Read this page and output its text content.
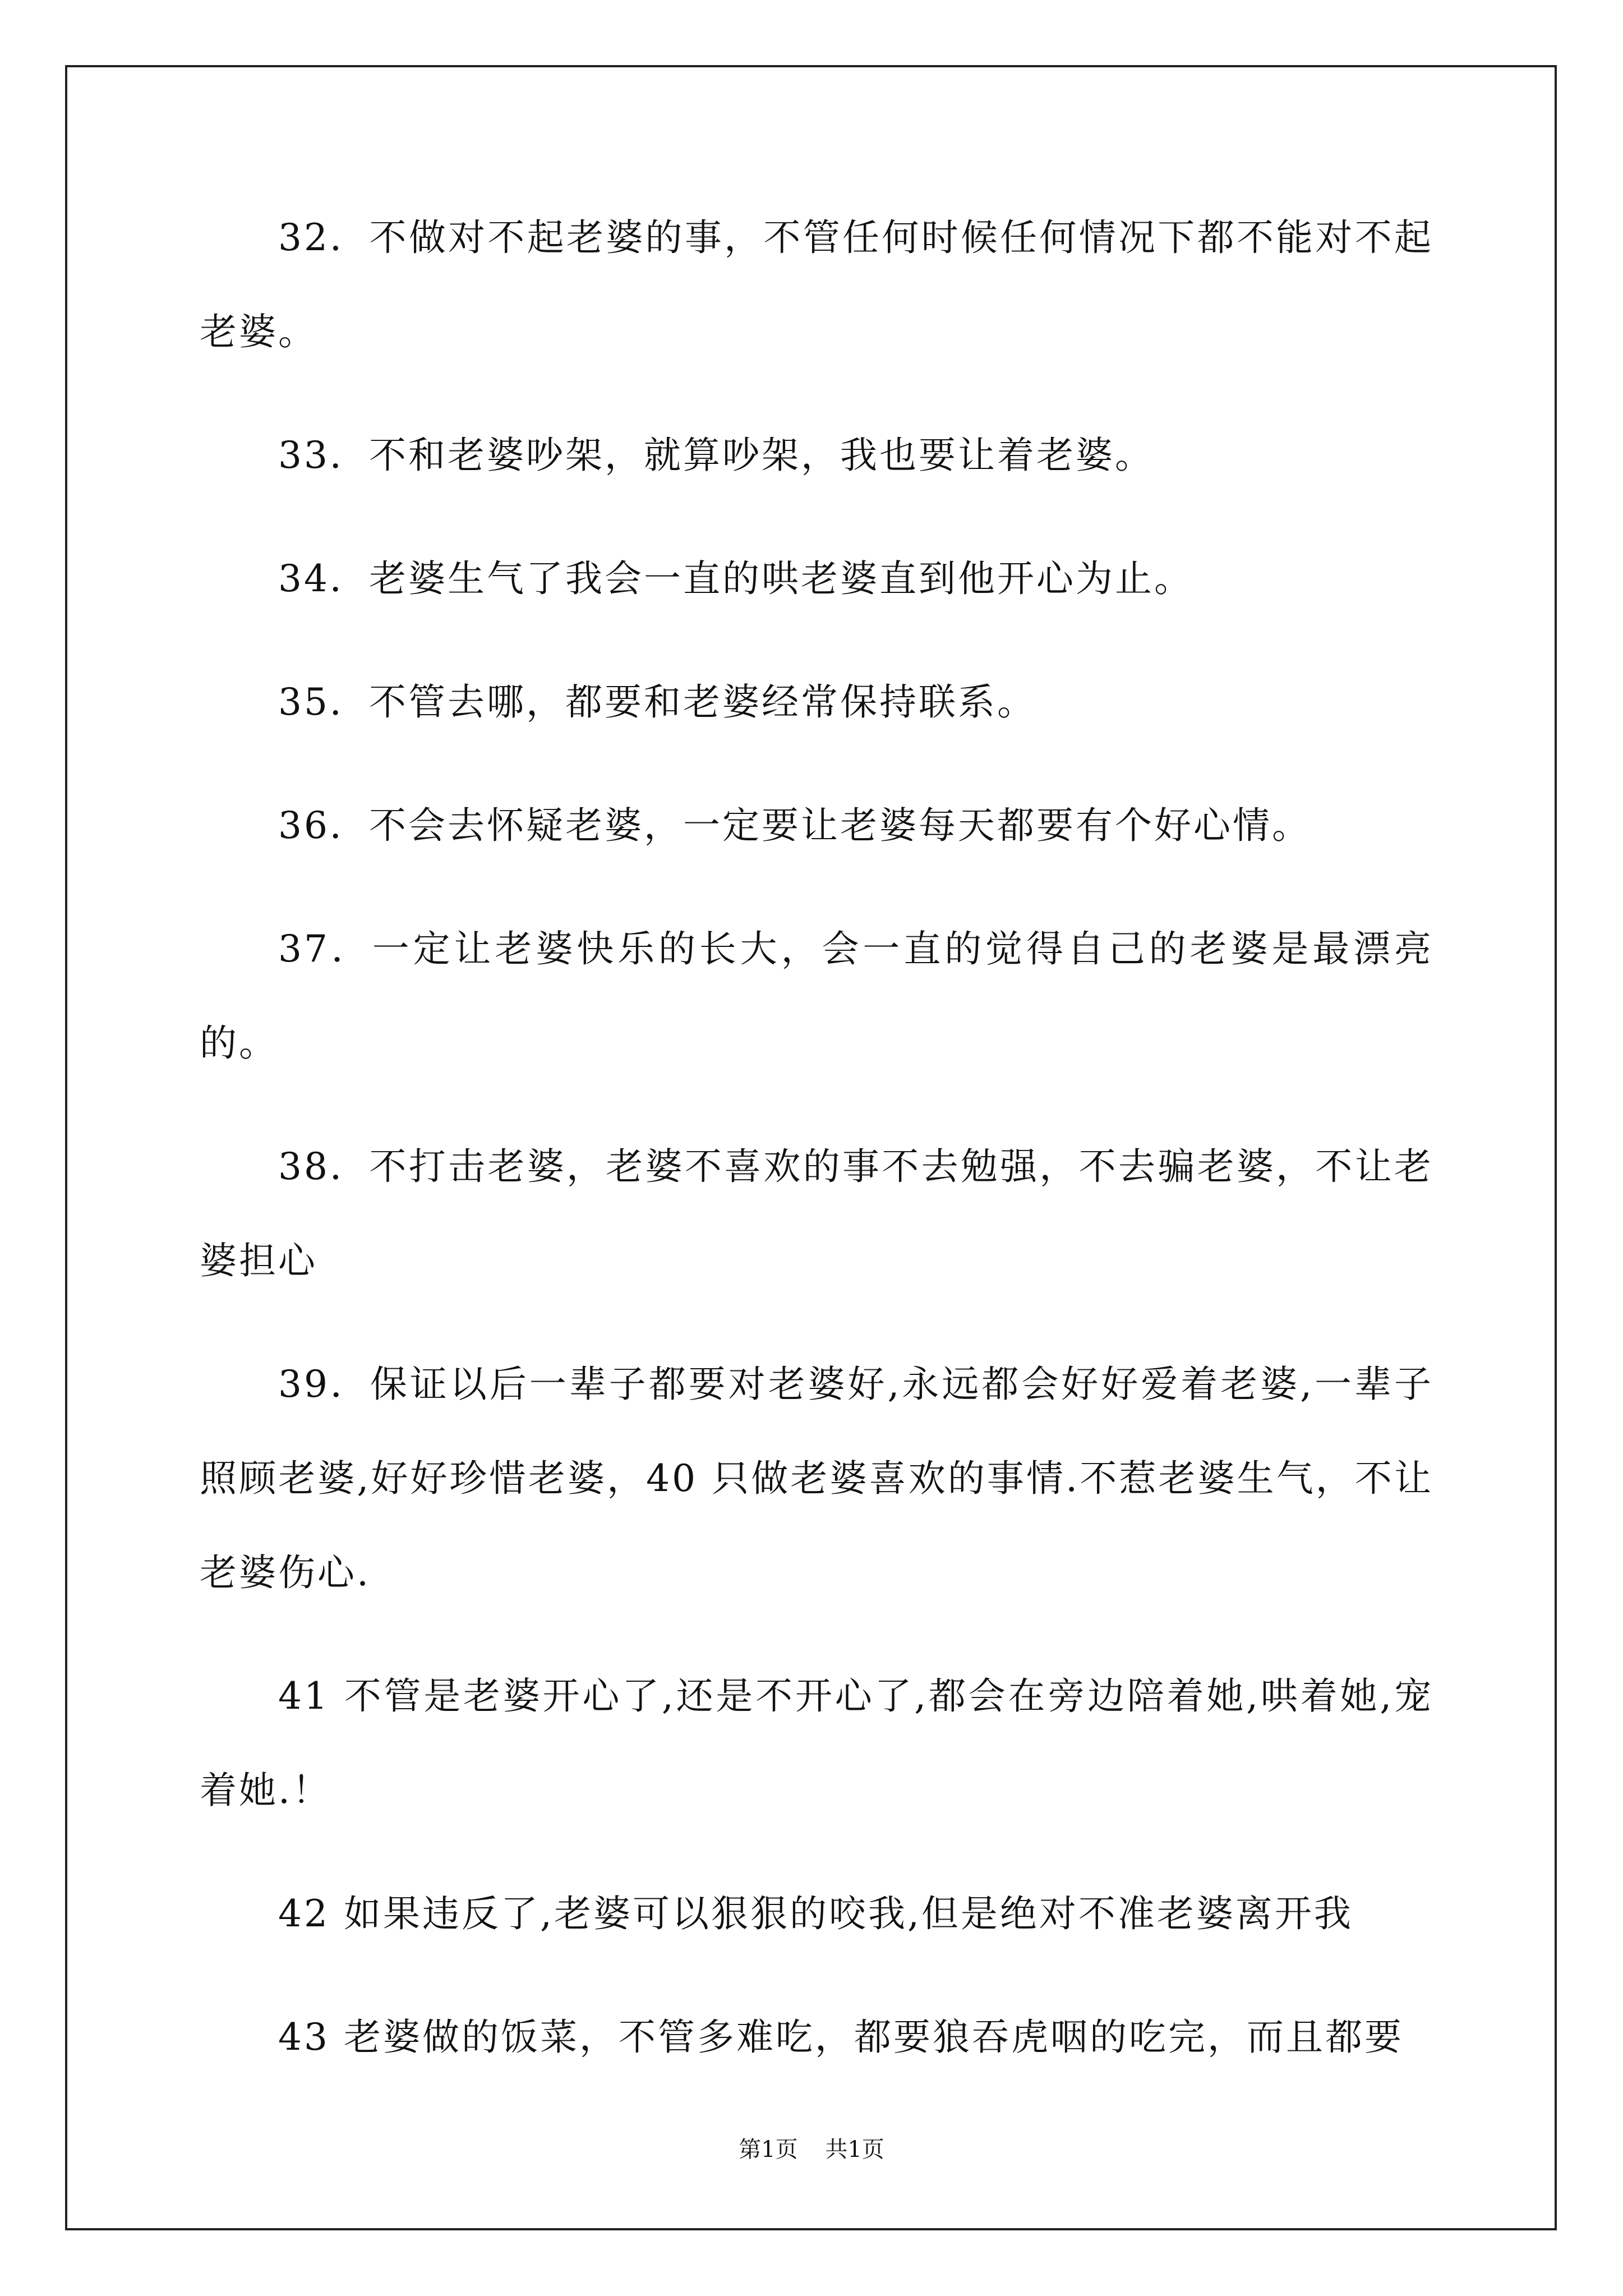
32．不做对不起老婆的事，不管任何时候任何情况下都不能对不起老婆。

33．不和老婆吵架，就算吵架，我也要让着老婆。

34．老婆生气了我会一直的哄老婆直到他开心为止。

35．不管去哪，都要和老婆经常保持联系。

36．不会去怀疑老婆，一定要让老婆每天都要有个好心情。

37．一定让老婆快乐的长大，会一直的觉得自己的老婆是最漂亮的。

38．不打击老婆，老婆不喜欢的事不去勉强，不去骗老婆，不让老婆担心

39．保证以后一辈子都要对老婆好,永远都会好好爱着老婆,一辈子照顾老婆,好好珍惜老婆，40 只做老婆喜欢的事情.不惹老婆生气，不让老婆伤心.

41 不管是老婆开心了,还是不开心了,都会在旁边陪着她,哄着她,宠着她.！

42 如果违反了,老婆可以狠狠的咬我,但是绝对不准老婆离开我

43 老婆做的饭菜，不管多难吃，都要狼吞虎咽的吃完，而且都要

第1页 共1页
